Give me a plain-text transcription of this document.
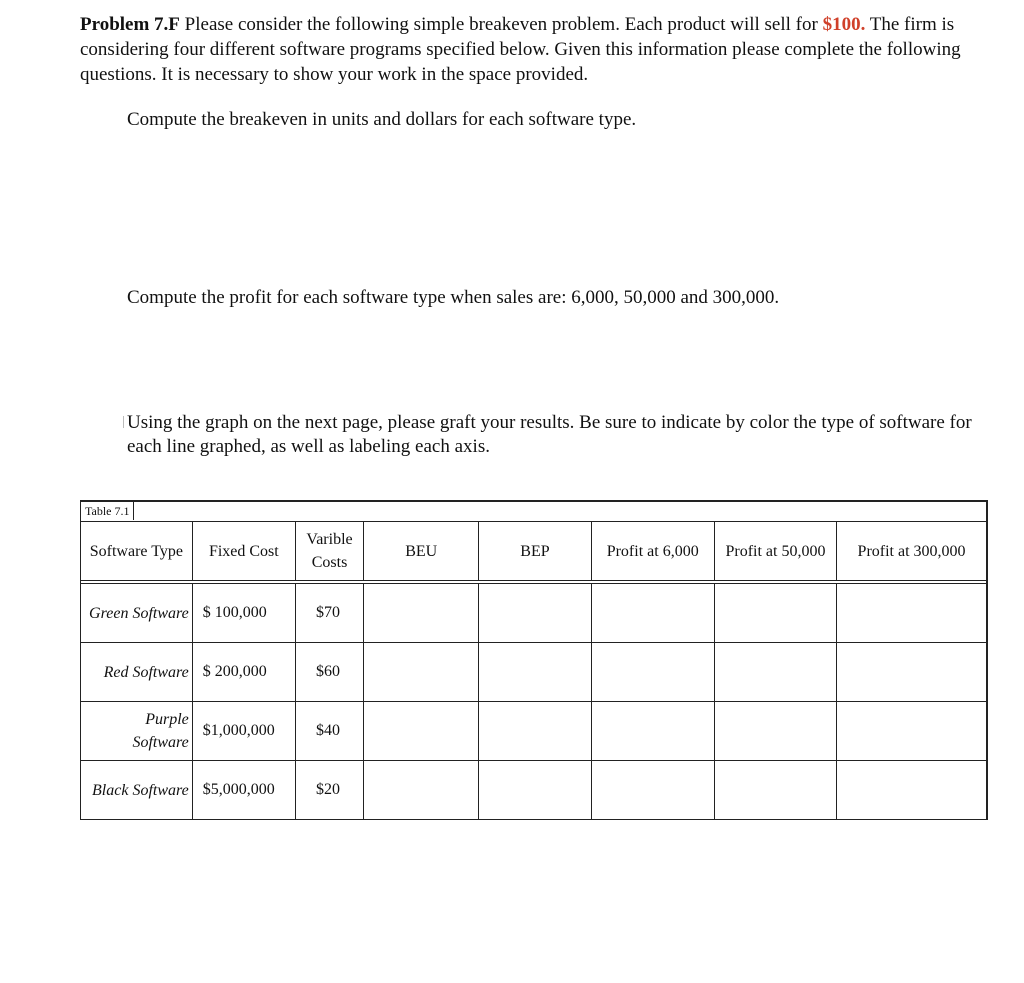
Problem 7.F Please consider the following simple breakeven problem. Each product will sell for $100. The firm is considering four different software programs specified below. Given this information please complete the following questions. It is necessary to show your work in the space provided.

Compute the breakeven in units and dollars for each software type.

Compute the profit for each software type when sales are: 6,000, 50,000 and 300,000.

Using the graph on the next page, please graft your results. Be sure to indicate by color the type of software for each line graphed, as well as labeling each axis.

Table 7.1
Software Type	Fixed Cost	Varible Costs	BEU	BEP	Profit at 6,000	Profit at 50,000	Profit at 300,000

Green Software	$ 100,000	$70					
Red Software	$ 200,000	$60					
Purple Software	$1,000,000	$40					
Black Software	$5,000,000	$20					
